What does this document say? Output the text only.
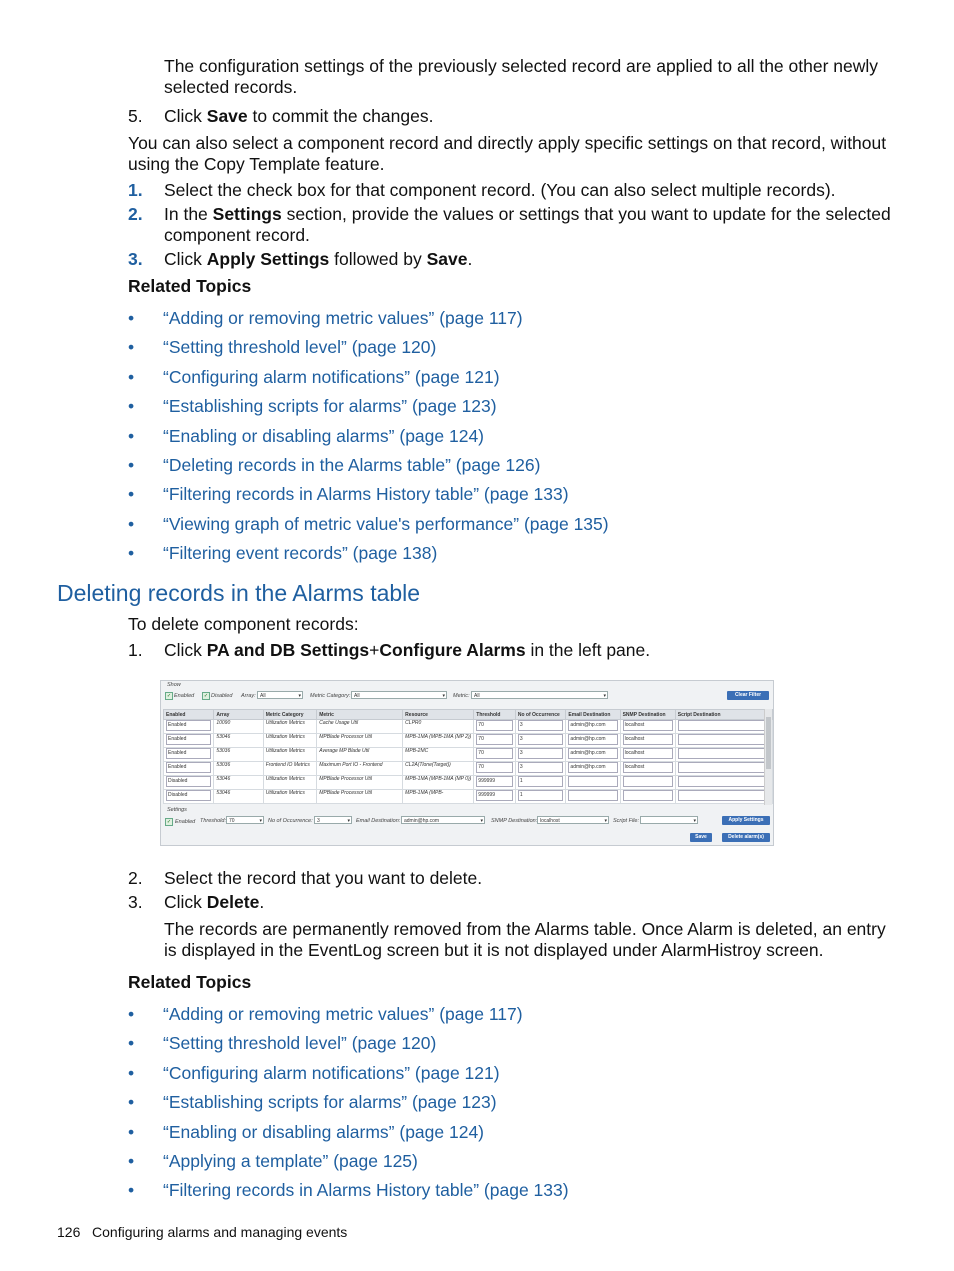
The configuration settings of the previously selected record are applied to all the other newly
selected records.
5. Click Save to commit the changes.
You can also select a component record and directly apply specific settings on that record, without
using the Copy Template feature.
1. Select the check box for that component record. (You can also select multiple records).
2. In the Settings section, provide the values or settings that you want to update for the selected
component record.
3. Click Apply Settings followed by Save.
Related Topics
• “Adding or removing metric values” (page 117)
• “Setting threshold level” (page 120)
• “Configuring alarm notifications” (page 121)
• “Establishing scripts for alarms” (page 123)
• “Enabling or disabling alarms” (page 124)
• “Deleting records in the Alarms table” (page 126)
• “Filtering records in Alarms History table” (page 133)
• “Viewing graph of metric value's performance” (page 135)
• “Filtering event records” (page 138)
Deleting records in the Alarms table
To delete component records:
1. Click PA and DB Settings+Configure Alarms in the left pane.
Show
✓ Enabled	✓ Disabled Array: All ▾	Metric Category: All ▾	Metric: All ▾	Clear Filter
Enabled	Array	Metric Category	Metric	Resource	Threshold	No of Occurrence	Email Destination	SNMP Destination	Script Destination

Enabled	10090	Utilization Metrics	Cache Usage Util	CLPR0	70	3	admin@hp.com	localhost	

Enabled	53046	Utilization Metrics	MPBlade Processor Util	MPB-1MA (MPB-1MA (MP 2))	70	3	admin@hp.com	localhost	

Enabled	53036	Utilization Metrics	Average MP Blade Util	MPB-2MC	70	3	admin@hp.com	localhost	

Enabled	53036	Frontend IO Metrics	Maximum Port IO - Frontend	CL2A(Tlone(Target))	70	3	admin@hp.com	localhost	

Disabled	53046	Utilization Metrics	MPBlade Processor Util	MPB-1MA (MPB-1MA (MP 0))	999999	1			

Disabled	53046	Utilization Metrics	MPBlade Processor Util	MPB-1MA (MPB-	999999	1			

Settings
✓ Enabled Threshold: 70 ▾	No of Occurrence: 3 ▾	Email Destination: admin@hp.com ▾	SNMP Destination: localhost ▾	Script File: ▾	Apply Settings
Save	Delete alarm(s)
2. Select the record that you want to delete.
3. Click Delete.
The records are permanently removed from the Alarms table. Once Alarm is deleted, an entry
is displayed in the EventLog screen but it is not displayed under AlarmHistroy screen.
Related Topics
• “Adding or removing metric values” (page 117)
• “Setting threshold level” (page 120)
• “Configuring alarm notifications” (page 121)
• “Establishing scripts for alarms” (page 123)
• “Enabling or disabling alarms” (page 124)
• “Applying a template” (page 125)
• “Filtering records in Alarms History table” (page 133)
126 Configuring alarms and managing events
